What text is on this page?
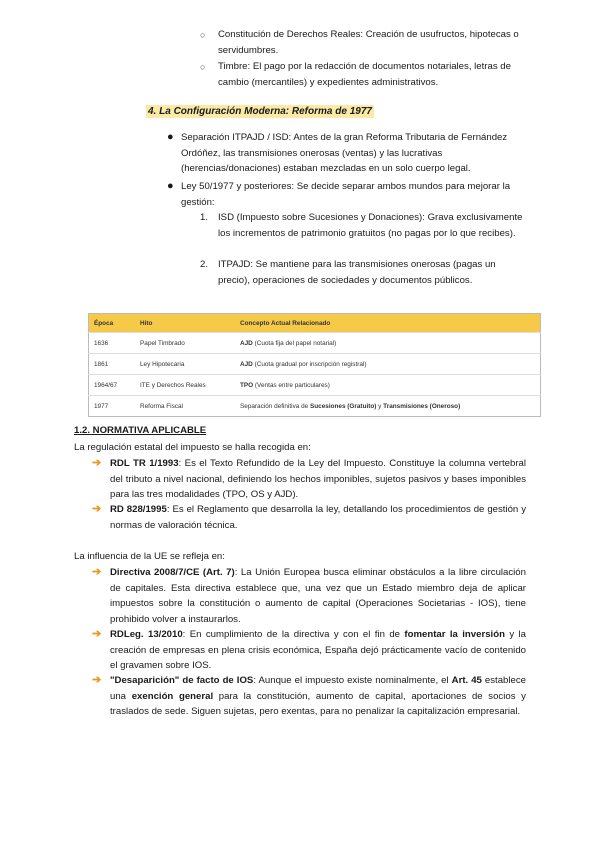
○ Constitución de Derechos Reales: Creación de usufructos, hipotecas o servidumbres.
○ Timbre: El pago por la redacción de documentos notariales, letras de cambio (mercantiles) y expedientes administrativos.
4. La Configuración Moderna: Reforma de 1977
● Separación ITPAJD / ISD: Antes de la gran Reforma Tributaria de Fernández Ordóñez, las transmisiones onerosas (ventas) y las lucrativas (herencias/donaciones) estaban mezcladas en un solo cuerpo legal.
● Ley 50/1977 y posteriores: Se decide separar ambos mundos para mejorar la gestión:
1. ISD (Impuesto sobre Sucesiones y Donaciones): Grava exclusivamente los incrementos de patrimonio gratuitos (no pagas por lo que recibes).
2. ITPAJD: Se mantiene para las transmisiones onerosas (pagas un precio), operaciones de sociedades y documentos públicos.
Época	Hito	Concepto Actual Relacionado
1636	Papel Timbrado	AJD (Cuota fija del papel notarial)
1861	Ley Hipotecaria	AJD (Cuota gradual por inscripción registral)
1964/67	ITE y Derechos Reales	TPO (Ventas entre particulares)
1977	Reforma Fiscal	Separación definitiva de Sucesiones (Gratuito) y Transmisiones (Oneroso)
1.2. NORMATIVA APLICABLE
La regulación estatal del impuesto se halla recogida en:
➔ RDL TR 1/1993: Es el Texto Refundido de la Ley del Impuesto. Constituye la columna vertebral del tributo a nivel nacional, definiendo los hechos imponibles, sujetos pasivos y bases imponibles para las tres modalidades (TPO, OS y AJD).
➔ RD 828/1995: Es el Reglamento que desarrolla la ley, detallando los procedimientos de gestión y normas de valoración técnica.
La influencia de la UE se refleja en:
➔ Directiva 2008/7/CE (Art. 7): La Unión Europea busca eliminar obstáculos a la libre circulación de capitales. Esta directiva establece que, una vez que un Estado miembro deja de aplicar impuestos sobre la constitución o aumento de capital (Operaciones Societarias - IOS), tiene prohibido volver a instaurarlos.
➔ RDLeg. 13/2010: En cumplimiento de la directiva y con el fin de fomentar la inversión y la creación de empresas en plena crisis económica, España dejó prácticamente vacío de contenido el gravamen sobre IOS.
➔ "Desaparición" de facto de IOS: Aunque el impuesto existe nominalmente, el Art. 45 establece una exención general para la constitución, aumento de capital, aportaciones de socios y traslados de sede. Siguen sujetas, pero exentas, para no penalizar la capitalización empresarial.
